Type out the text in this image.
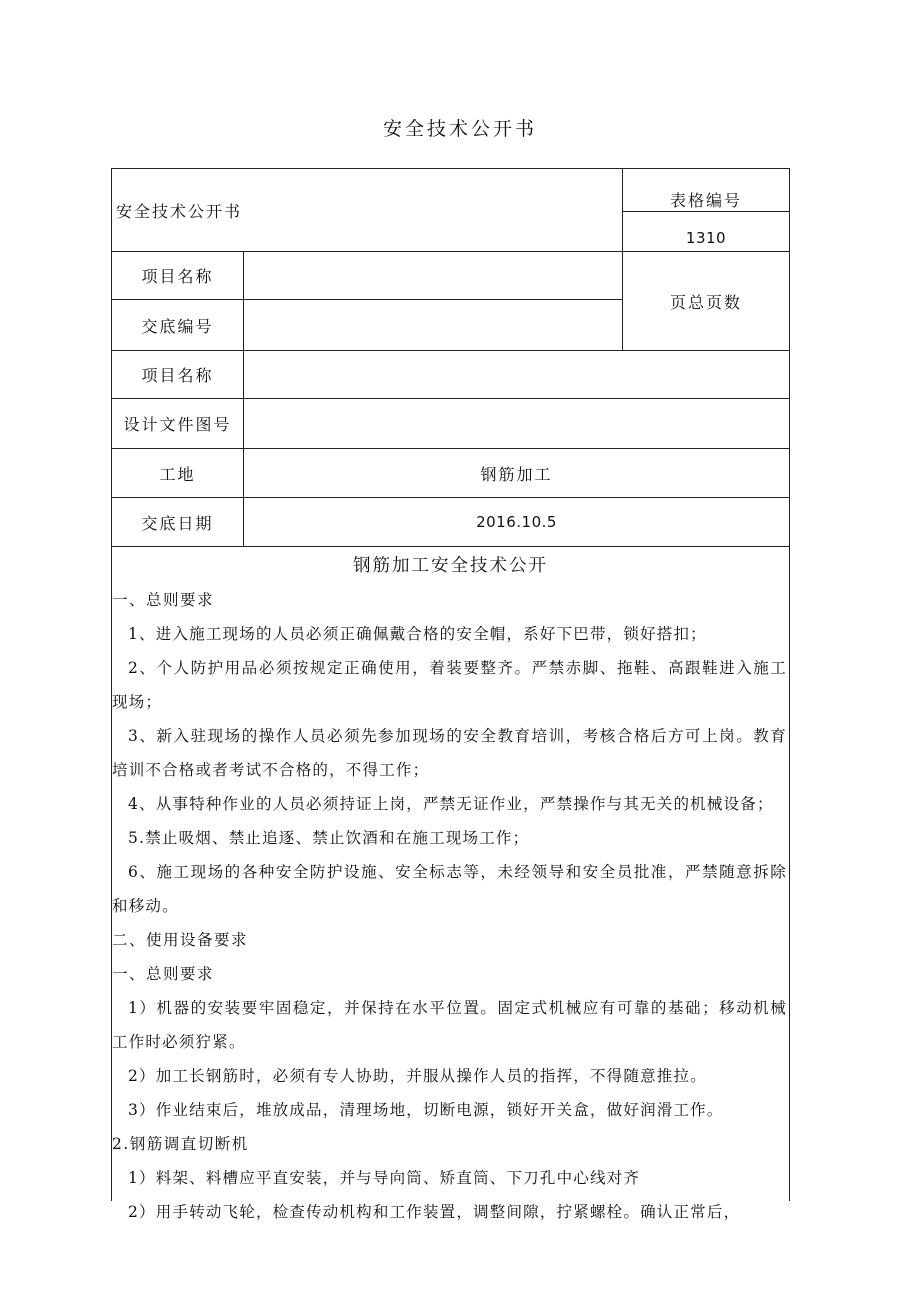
安全技术公开书
安全技术公开书
表格编号
1310
页总页数
项目名称
交底编号
项目名称
设计文件图号
工地	钢筋加工
交底日期	2016.10.5
钢筋加工安全技术公开
一、总则要求
1、进入施工现场的人员必须正确佩戴合格的安全帽，系好下巴带，锁好搭扣；
2、个人防护用品必须按规定正确使用，着装要整齐。严禁赤脚、拖鞋、高跟鞋进入施工现场；
3、新入驻现场的操作人员必须先参加现场的安全教育培训，考核合格后方可上岗。教育培训不合格或者考试不合格的，不得工作；
4、从事特种作业的人员必须持证上岗，严禁无证作业，严禁操作与其无关的机械设备；
5.禁止吸烟、禁止追逐、禁止饮酒和在施工现场工作；
6、施工现场的各种安全防护设施、安全标志等，未经领导和安全员批准，严禁随意拆除和移动。
二、使用设备要求
一、总则要求
1）机器的安装要牢固稳定，并保持在水平位置。固定式机械应有可靠的基础；移动机械工作时必须狞紧。
2）加工长钢筋时，必须有专人协助，并服从操作人员的指挥，不得随意推拉。
3）作业结束后，堆放成品，清理场地，切断电源，锁好开关盒，做好润滑工作。
2.钢筋调直切断机
1）料架、料槽应平直安装，并与导向筒、矫直筒、下刀孔中心线对齐
2）用手转动飞轮，检查传动机构和工作装置，调整间隙，拧紧螺栓。确认正常后，
